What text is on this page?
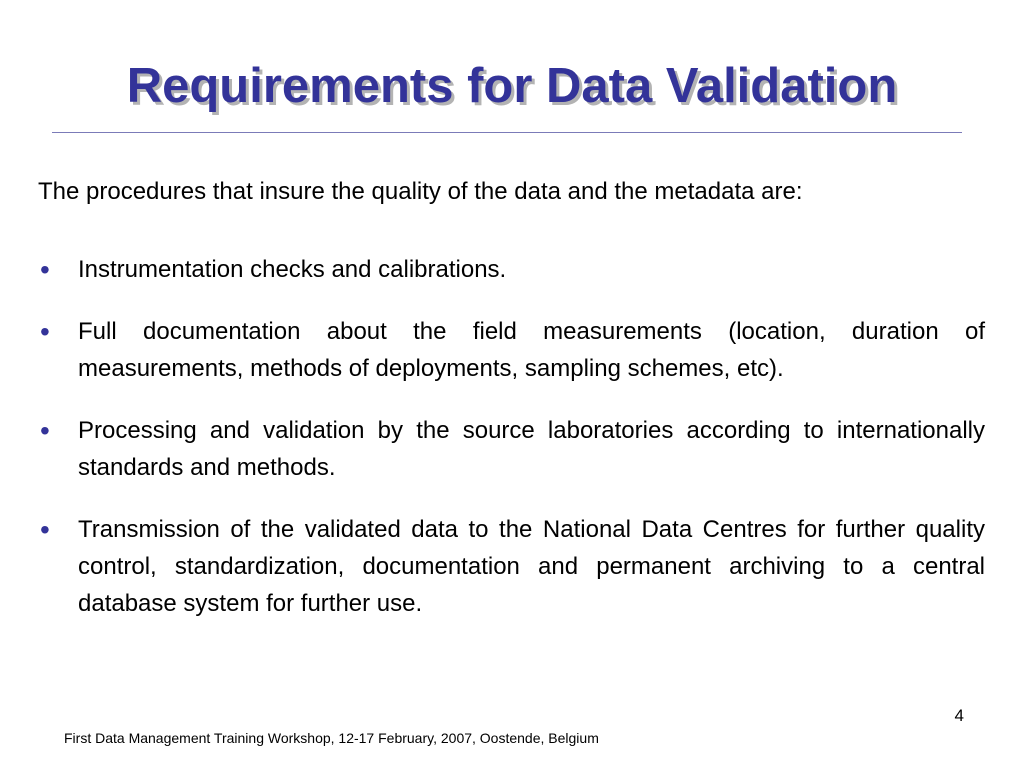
Requirements for Data Validation

The procedures that insure the quality of the data and the metadata are:

•	Instrumentation checks and calibrations.
•	Full documentation about the field measurements (location, duration of measurements, methods of deployments, sampling schemes, etc).
•	Processing and validation by the source laboratories according to internationally standards and methods.
•	Transmission of the validated data to the National Data Centres for further quality control, standardization, documentation and permanent archiving to a central database system for further use.
4
First Data Management Training Workshop, 12-17 February, 2007, Oostende, Belgium
